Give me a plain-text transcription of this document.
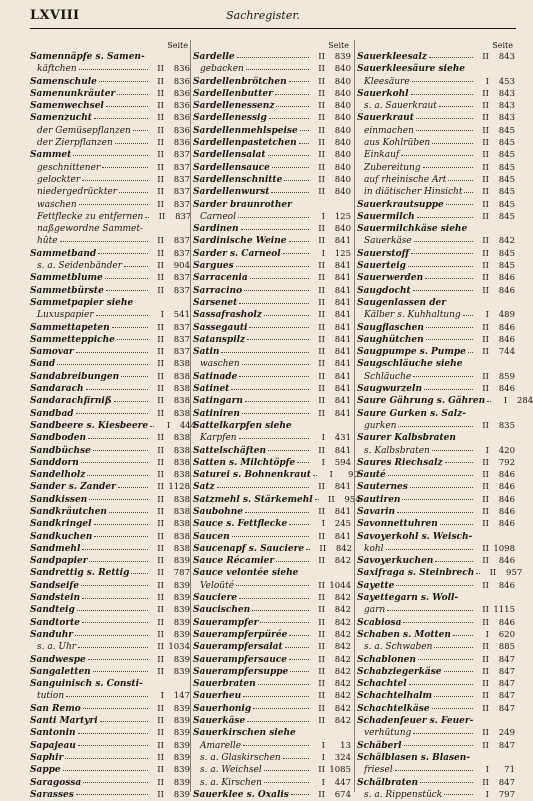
LXVIII	Sachregister.
Seite
Samennäpfe s. Samen-
käftchen	II	836
Samenschule	II	836
Samenunkräuter	II	836
Samenwechsel	II	836
Samenzucht	II	836
der Gemüsepflanzen	II	836
der Zierpflanzen	II	836
Sammet	II	837
geschnittener	II	837
gelockter	II	837
niedergedrückter	II	837
waschen	II	837
Fettflecke zu entfernen	II	837
naßgewordne Sammet-
hüte	II	837
Sammetband	II	837
s. a. Seidenbänder	II	904
Sammetblume	II	837
Sammetbürste	II	837
Sammetpapier siehe
Luxuspapier	I	541
Sammettapeten	II	837
Sammetteppiche	II	837
Samovar	II	837
Sand	II	838
Sandabreibungen	II	838
Sandarach	II	838
Sandarachfirniß	II	838
Sandbad	II	838
Sandbeere s. Kiesbeere	I	444
Sandboden	II	838
Sandbüchse	II	838
Sanddorn	II	838
Sandelholz	II	838
Sander s. Zander	II 1128
Sandkissen	II	838
Sandkräutchen	II	838
Sandkringel	II	838
Sandkuchen	II	838
Sandmehl	II	838
Sandpapier	II	839
Sandrettig s. Rettig	II	787
Sandseife	II	839
Sandstein	II	839
Sandteig	II	839
Sandtorte	II	839
Sanduhr	II	839
s. a. Uhr	II 1034
Sandwespe	II	839
Sangaletten	II	839
Sanguinisch s. Consti-
tution	I	147
San Remo	II	839
Santi Martyri	II	839
Santonin	II	839
Sapajeau	II	839
Saphir	II	839
Sappe	II	839
Saragossa	II	839
Sarasses	II	839
Seite
Sardelle	II	839
gebacken	II	840
Sardellenbrötchen	II	840
Sardellenbutter	II	840
Sardellenessenz	II	840
Sardellenessig	II	840
Sardellenmehlspeise	II	840
Sardellenpastetchen	II	840
Sardellensalat	II	840
Sardellensauce	II	840
Sardellenschnitte	II	840
Sardellenwurst	II	840
Sarder braunrother
Carneol	I	125
Sardinen	II	840
Sardinische Weine	II	841
Sarder s. Carneol	I	125
Sargues	II	841
Sarracenia	II	841
Sarracino	II	841
Sarsenet	II	841
Sassafrasholz	II	841
Sassegauti	II	841
Satanspilz	II	841
Satin	II	841
waschen	II	841
Satinade	II	841
Satinet	II	841
Satingarn	II	841
Satiniren	II	841
Sattelkarpfen siehe
Karpfen	I	431
Sattelschäften	II	841
Satten s. Milchtöpfe	I	594
Saturei s. Bohnenkraut	I	90
Satz	II	841
Satzmehl s. Stärkemehl	II	954
Saubohne	II	841
Sauce s. Fettflecke	I	245
Saucen	II	841
Saucenapf s. Sauciere	II	842
Sauce Récamier	II	842
Sauce velontée siehe
Veloüté	II 1044
Sauciere	II	842
Saucischen	II	842
Sauerampfer	II	842
Sauerampferpürée	II	842
Sauerampfersalat	II	842
Sauerampfersauce	II	842
Sauerampfersuppe	II	842
Sauerbraten	II	842
Sauerheu	II	842
Sauerhonig	II	842
Sauerkäse	II	842
Sauerkirschen siehe
Amarelle	I	13
s. a. Glaskirschen	I	324
s. a. Weichsel	II 1085
s. a. Kirschen	I	447
Sauerklee s. Oxalis	II	674
Seite
Sauerkleesalz	II	843
Sauerkleesäure siehe
Kleesäure	I	453
Sauerkohl	II	843
s. a. Sauerkraut	II	843
Sauerkraut	II	843
einmachen	II	845
aus Kohlrüben	II	845
Einkauf	II	845
Zubereitung	II	845
auf rheinische Art	II	845
in diätischer Hinsicht	II	845
Sauerkrautsuppe	II	845
Sauermilch	II	845
Sauermilchkäse siehe
Sauerkäse	II	842
Sauerstoff	II	845
Sauerteig	II	845
Sauerwerden	II	846
Saugdocht	II	846
Saugenlassen der
Kälber s. Kuhhaltung	I	489
Saugflaschen	II	846
Saughütchen	II	846
Saugpumpe s. Pumpe	II	744
Saugschläuche siehe
Schläuche	II	859
Saugwurzeln	II	846
Saure Gährung s. Gähren	I	284
Saure Gurken s. Salz-
gurken	II	835
Saurer Kalbsbraten
s. Kalbsbraten	I	420
Saures Riechsalz	II	792
Sauté	II	846
Sauternes	II	846
Sautiren	II	846
Savarin	II	846
Savonnettuhren	II	846
Savoyerkohl s. Weisch-
kohl	II 1098
Savoyerkuchen	II	846
Saxifraga s. Steinbrech	II	957
Sayette	II	846
Sayettegarn s. Woll-
garn	II 1115
Scabiosa	II	846
Schaben s. Motten	I	620
s. a. Schwaben	II	885
Schablonen	II	847
Schabziegerkäse	II	847
Schachtel	II	847
Schachtelhalm	II	847
Schachtelkäse	II	847
Schadenfeuer s. Feuer-
verhütung	II	249
Schäberl	II	847
Schälblasen s. Blasen-
friesel	I	71
Schälbraten	II	847
s. a. Rippenstück	I	797
